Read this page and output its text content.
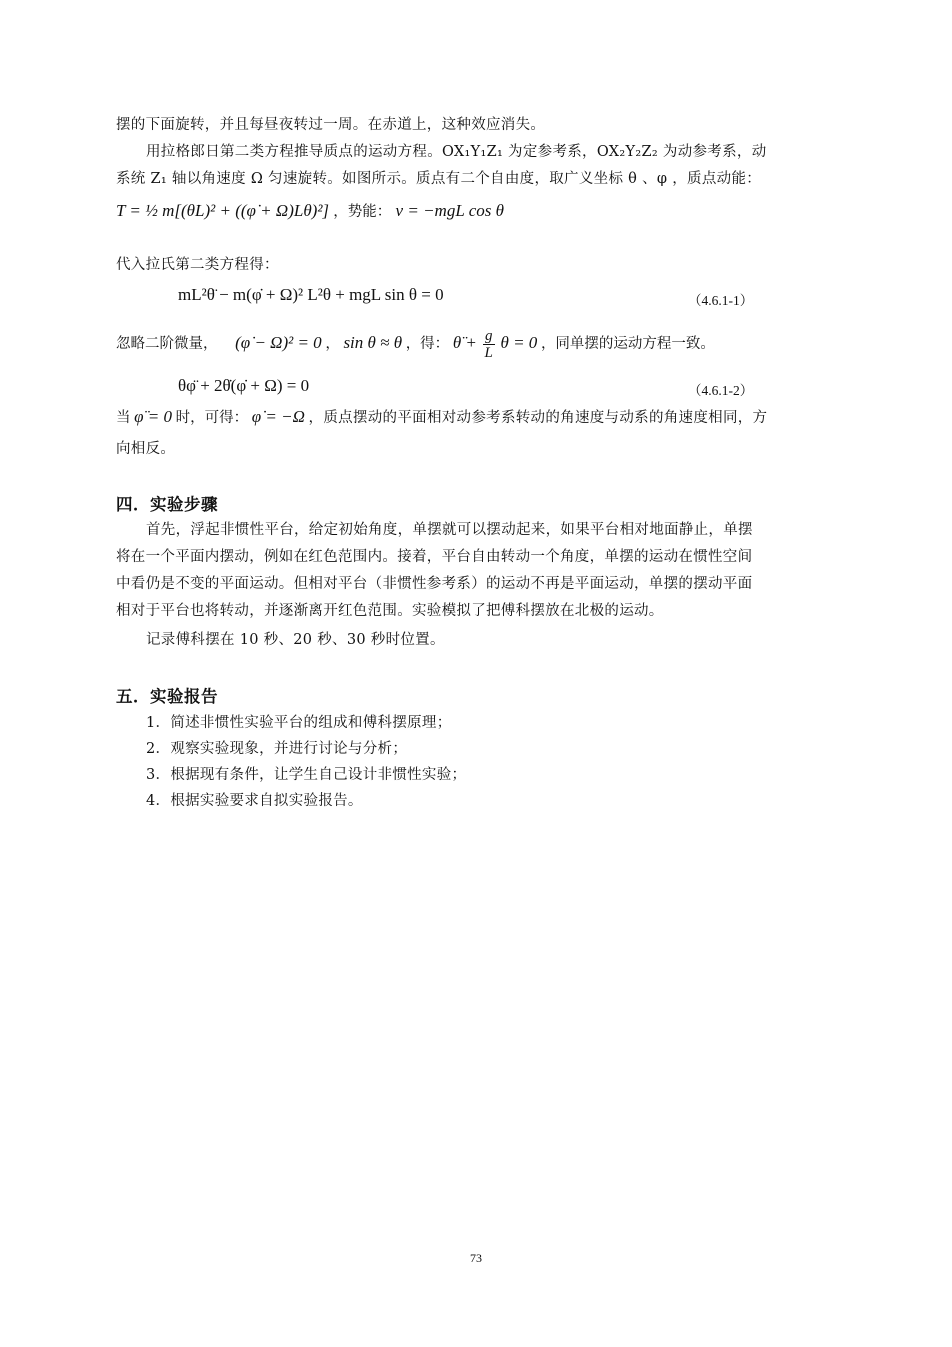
摆的下面旋转，并且每昼夜转过一周。在赤道上，这种效应消失。
用拉格郎日第二类方程推导质点的运动方程。OX₁Y₁Z₁ 为定参考系，OX₂Y₂Z₂ 为动参考系，动
系统 Z₁ 轴以角速度 Ω 匀速旋转。如图所示。质点有二个自由度，取广义坐标 θ 、φ ，质点动能：
T = ½ m[(θ̇L)² + ((φ̇ + Ω)Lθ)²] ，势能： v = −mgL cos θ
代入拉氏第二类方程得：
mL²θ̈ − m(φ̇ + Ω)² L²θ + mgL sin θ = 0	（4.6.1-1）
忽略二阶微量， (φ̇ − Ω)² = 0 ， sin θ ≈ θ ，得： θ̈ + $\frac{g}{L}$ θ = 0 ，同单摆的运动方程一致。
θφ̈ + 2θ̇(φ̇ + Ω) = 0	（4.6.1-2）
当 φ̈ = 0 时，可得： φ̇ = −Ω ，质点摆动的平面相对动参考系转动的角速度与动系的角速度相同，方
向相反。
四．实验步骤
首先，浮起非惯性平台，给定初始角度，单摆就可以摆动起来，如果平台相对地面静止，单摆
将在一个平面内摆动，例如在红色范围内。接着，平台自由转动一个角度，单摆的运动在惯性空间
中看仍是不变的平面运动。但相对平台（非惯性参考系）的运动不再是平面运动，单摆的摆动平面
相对于平台也将转动，并逐渐离开红色范围。实验模拟了把傅科摆放在北极的运动。
记录傅科摆在 10 秒、20 秒、30 秒时位置。
五．实验报告
1．简述非惯性实验平台的组成和傅科摆原理；
2．观察实验现象，并进行讨论与分析；
3．根据现有条件，让学生自己设计非惯性实验；
4．根据实验要求自拟实验报告。
73
